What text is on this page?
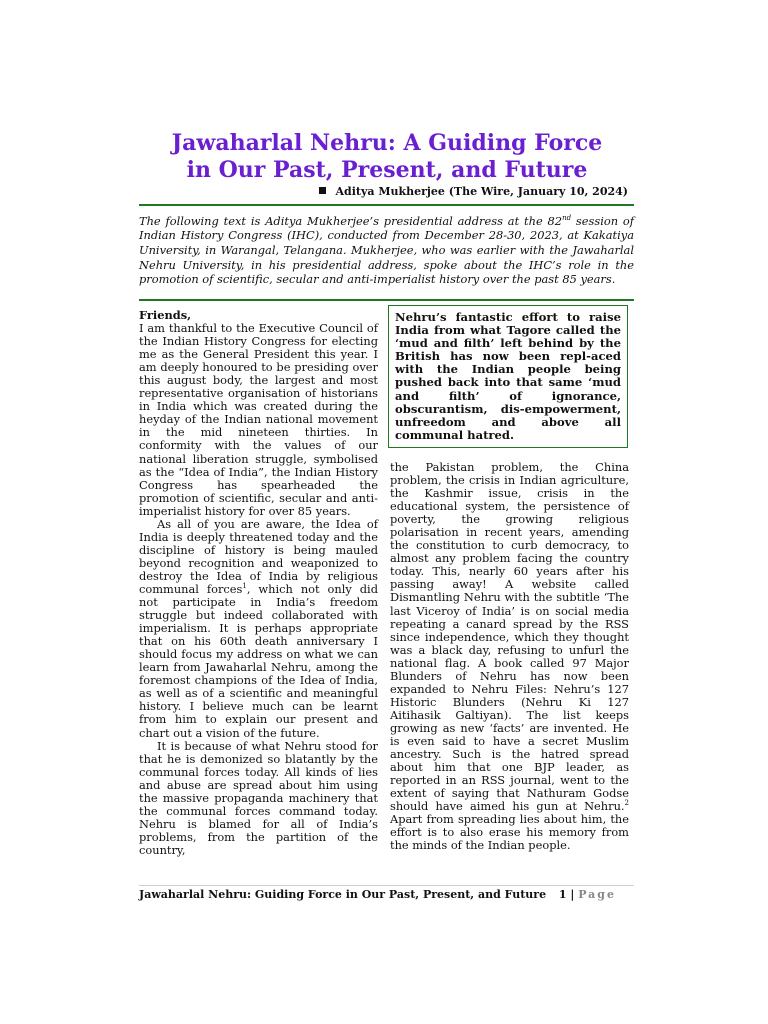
Jawaharlal Nehru: A Guiding Force
in Our Past, Present, and Future
Aditya Mukherjee (The Wire, January 10, 2024)
The following text is Aditya Mukherjee’s presidential address at the 82nd session of Indian History Congress (IHC), conducted from December 28-30, 2023, at Kakatiya University, in Warangal, Telangana. Mukherjee, who was earlier with the Jawaharlal Nehru University, in his presidential address, spoke about the IHC’s role in the promotion of scientific, secular and anti-imperialist history over the past 85 years.

Friends,

I am thankful to the Executive Council of the Indian History Congress for electing me as the General President this year. I am deeply honoured to be presiding over this august body, the largest and most representative organisation of historians in India which was created during the heyday of the Indian national movement in the mid nineteen thirties. In conformity with the values of our national liberation struggle, symbolised as the “Idea of India”, the Indian History Congress has spearheaded the promotion of scientific, secular and anti-imperialist history for over 85 years.

As all of you are aware, the Idea of India is deeply threatened today and the discipline of history is being mauled beyond recognition and weaponized to destroy the Idea of India by religious communal forces$^1$, which not only did not participate in India’s freedom struggle but indeed collaborated with imperialism. It is perhaps appropriate that on his 60th death anniversary I should focus my address on what we can learn from Jawaharlal Nehru, among the foremost champions of the Idea of India, as well as of a scientific and meaningful history. I believe much can be learnt from him to explain our present and chart out a vision of the future.

It is because of what Nehru stood for that he is demonized so blatantly by the communal forces today. All kinds of lies and abuse are spread about him using the massive propaganda machinery that the communal forces command today. Nehru is blamed for all of India’s problems, from the partition of the country,

Nehru’s fantastic effort to raise India from what Tagore called the ‘mud and filth’ left behind by the British has now been repl-aced with the Indian people being pushed back into that same ‘mud and filth’ of ignorance, obscurantism, dis-empowerment, unfreedom and above all communal hatred.

the Pakistan problem, the China problem, the crisis in Indian agriculture, the Kashmir issue, crisis in the educational system, the persistence of poverty, the growing religious polarisation in recent years, amending the constitution to curb democracy, to almost any problem facing the country today. This, nearly 60 years after his passing away! A website called Dismantling Nehru with the subtitle ‘The last Viceroy of India’ is on social media repeating a canard spread by the RSS since independence, which they thought was a black day, refusing to unfurl the national flag. A book called 97 Major Blunders of Nehru has now been expanded to Nehru Files: Nehru’s 127 Historic Blunders (Nehru Ki 127 Aitihasik Galtiyan). The list keeps growing as new ‘facts’ are invented. He is even said to have a secret Muslim ancestry. Such is the hatred spread about him that one BJP leader, as reported in an RSS journal, went to the extent of saying that Nathuram Godse should have aimed his gun at Nehru.$^2$ Apart from spreading lies about him, the effort is to also erase his memory from the minds of the Indian people.

Jawaharlal Nehru: Guiding Force in Our Past, Present, and Future 1 | Page
